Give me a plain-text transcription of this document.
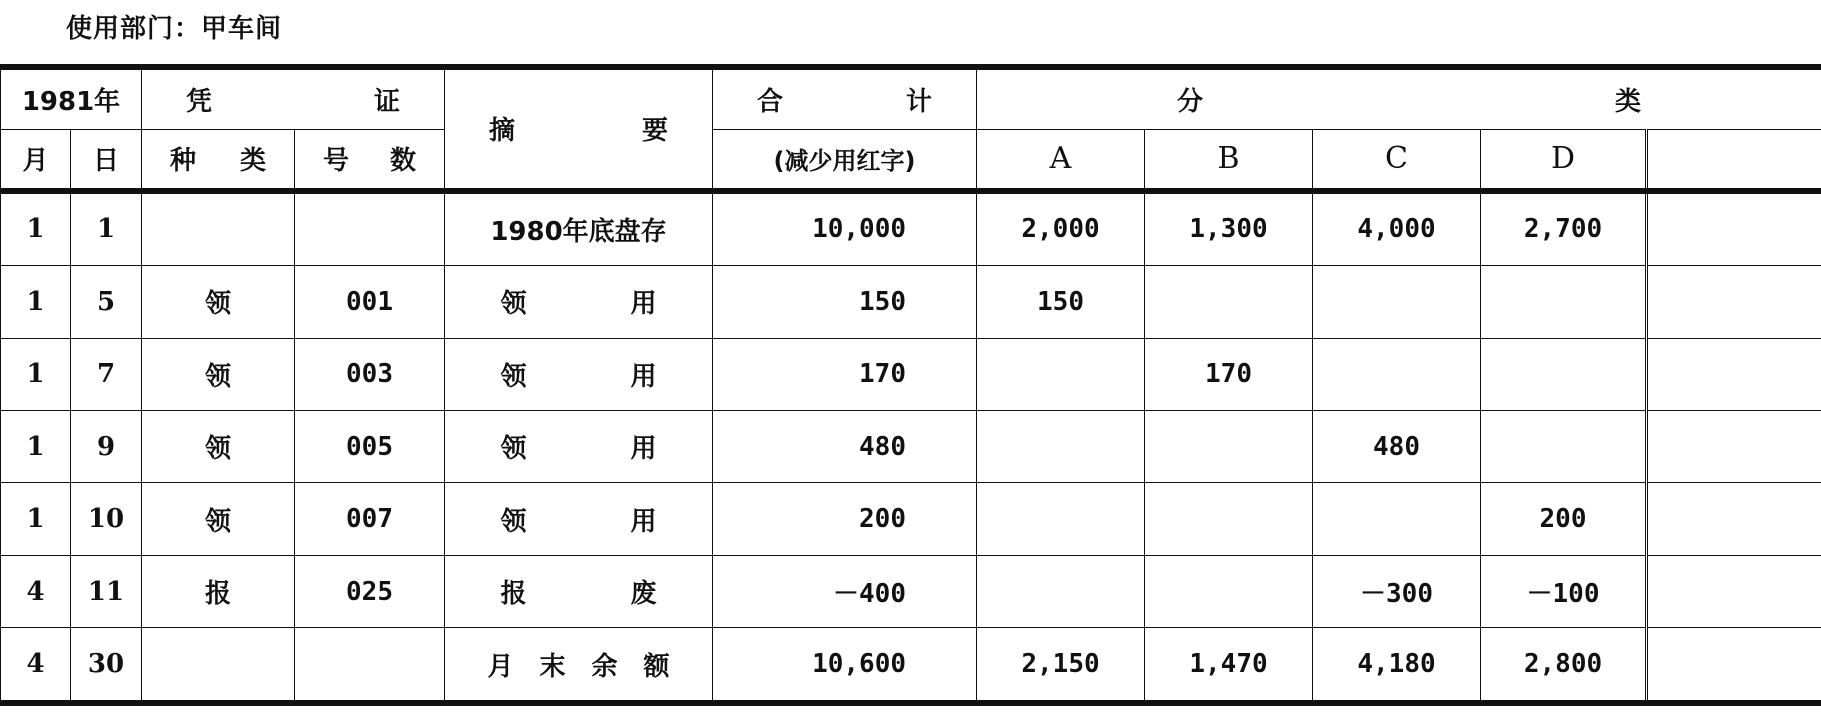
使用部门：甲车间
1981年		凭 证		摘 要	合 计	分 类				

月	日	种 类	号 数		(减少用红字)	A	B	C	D	
1	1			1980年底盘存	10,000	2,000	1,300	4,000	2,700	
1	5	领	001	领　　　　用	150	150				
1	7	领	003	领　　　　用	170		170			
1	9	领	005	领　　　　用	480			480		
1	10	领	007	领　　　　用	200				200	
4	11	报	025	报　　　　废	－400			－300	－100	
4	30			月　末　余　额	10,600	2,150	1,470	4,180	2,800	
